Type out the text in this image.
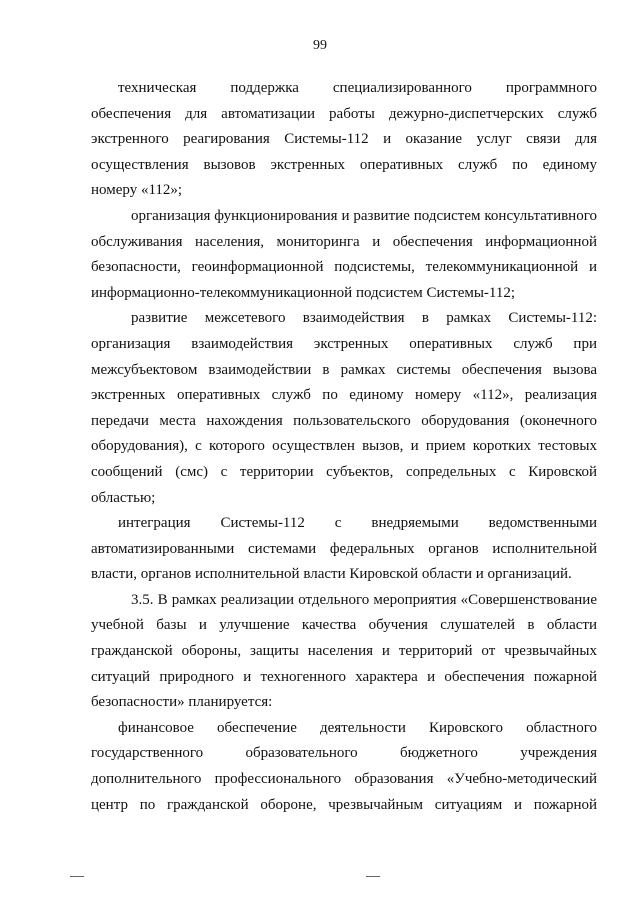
99

техническая поддержка специализированного программного
обеспечения для автоматизации работы дежурно-диспетчерских служб
экстренного реагирования Системы-112 и оказание услуг связи для
осуществления вызовов экстренных оперативных служб по единому
номеру «112»;

организация функционирования и развитие подсистем консультативного
обслуживания населения, мониторинга и обеспечения информационной
безопасности, геоинформационной подсистемы, телекоммуникационной и
информационно-телекоммуникационной подсистем Системы-112;

развитие межсетевого взаимодействия в рамках Системы-112:
организация взаимодействия экстренных оперативных служб при
межсубъектовом взаимодействии в рамках системы обеспечения вызова
экстренных оперативных служб по единому номеру «112», реализация
передачи места нахождения пользовательского оборудования (оконечного
оборудования), с которого осуществлен вызов, и прием коротких тестовых
сообщений (смс) с территории субъектов, сопредельных с Кировской
областью;

интеграция Системы-112 с внедряемыми ведомственными
автоматизированными системами федеральных органов исполнительной
власти, органов исполнительной власти Кировской области и организаций.

3.5. В рамках реализации отдельного мероприятия «Совершенствование
учебной базы и улучшение качества обучения слушателей в области
гражданской обороны, защиты населения и территорий от чрезвычайных
ситуаций природного и техногенного характера и обеспечения пожарной
безопасности» планируется:

финансовое обеспечение деятельности Кировского областного
государственного образовательного бюджетного учреждения
дополнительного профессионального образования «Учебно-методический
центр по гражданской обороне, чрезвычайным ситуациям и пожарной
